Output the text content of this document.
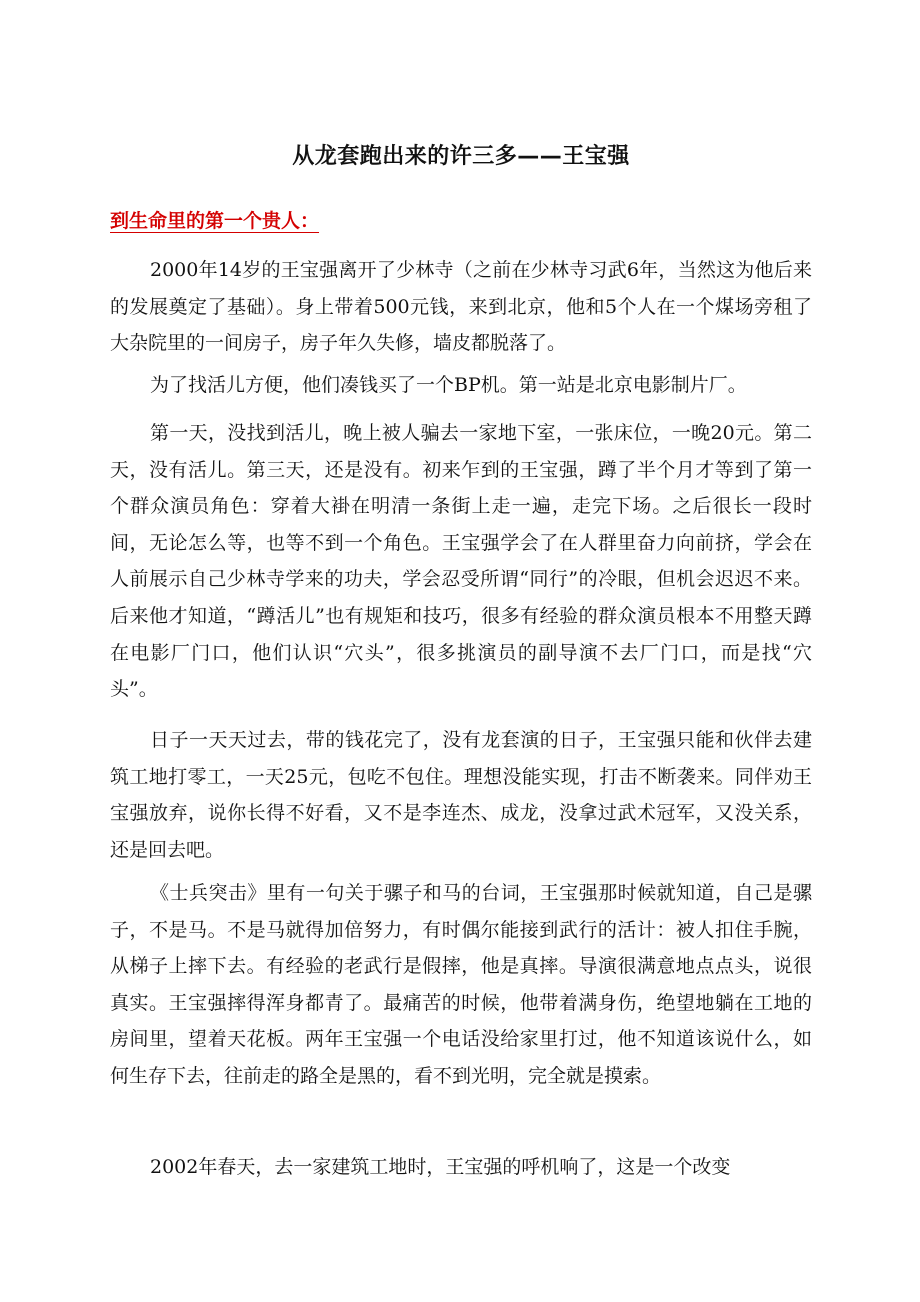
从龙套跑出来的许三多——王宝强
到生命里的第一个贵人：

2000年14岁的王宝强离开了少林寺（之前在少林寺习武6年，当然这为他后来的发展奠定了基础）。身上带着500元钱，来到北京，他和5个人在一个煤场旁租了大杂院里的一间房子，房子年久失修，墙皮都脱落了。

为了找活儿方便，他们凑钱买了一个BP机。第一站是北京电影制片厂。

第一天，没找到活儿，晚上被人骗去一家地下室，一张床位，一晚20元。第二天，没有活儿。第三天，还是没有。初来乍到的王宝强，蹲了半个月才等到了第一个群众演员角色：穿着大褂在明清一条街上走一遍，走完下场。之后很长一段时间，无论怎么等，也等不到一个角色。王宝强学会了在人群里奋力向前挤，学会在人前展示自己少林寺学来的功夫，学会忍受所谓“同行”的冷眼，但机会迟迟不来。后来他才知道，“蹲活儿”也有规矩和技巧，很多有经验的群众演员根本不用整天蹲在电影厂门口，他们认识“穴头”，很多挑演员的副导演不去厂门口，而是找“穴头”。

日子一天天过去，带的钱花完了，没有龙套演的日子，王宝强只能和伙伴去建筑工地打零工，一天25元，包吃不包住。理想没能实现，打击不断袭来。同伴劝王宝强放弃，说你长得不好看，又不是李连杰、成龙，没拿过武术冠军，又没关系，还是回去吧。

《士兵突击》里有一句关于骡子和马的台词，王宝强那时候就知道，自己是骡子，不是马。不是马就得加倍努力，有时偶尔能接到武行的活计：被人扣住手腕，从梯子上摔下去。有经验的老武行是假摔，他是真摔。导演很满意地点点头，说很真实。王宝强摔得浑身都青了。最痛苦的时候，他带着满身伤，绝望地躺在工地的房间里，望着天花板。两年王宝强一个电话没给家里打过，他不知道该说什么，如何生存下去，往前走的路全是黑的，看不到光明，完全就是摸索。

2002年春天，去一家建筑工地时，王宝强的呼机响了，这是一个改变
